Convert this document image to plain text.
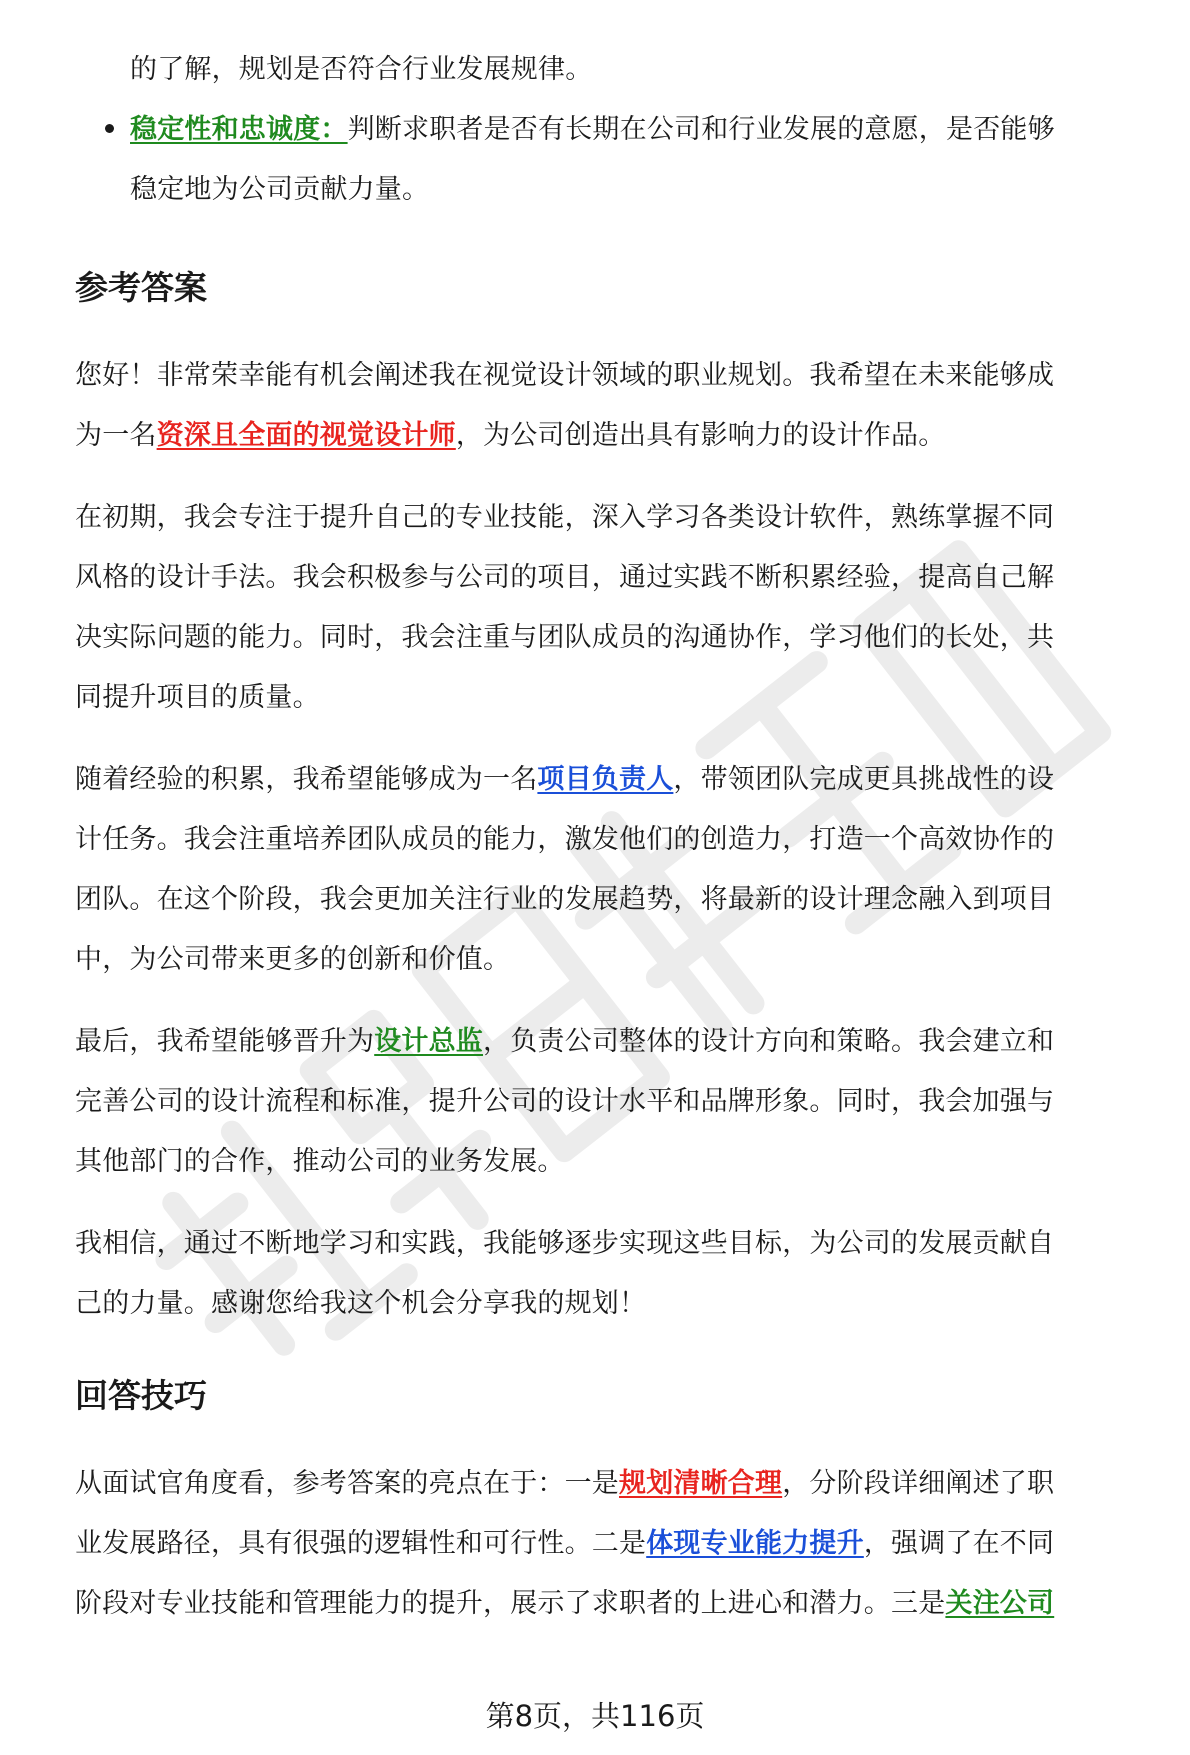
的了解，规划是否符合行业发展规律。

稳定性和忠诚度：判断求职者是否有长期在公司和行业发展的意愿，是否能够
稳定地为公司贡献力量。

参考答案

您好！非常荣幸能有机会阐述我在视觉设计领域的职业规划。我希望在未来能够成
为一名资深且全面的视觉设计师，为公司创造出具有影响力的设计作品。

在初期，我会专注于提升自己的专业技能，深入学习各类设计软件，熟练掌握不同
风格的设计手法。我会积极参与公司的项目，通过实践不断积累经验，提高自己解
决实际问题的能力。同时，我会注重与团队成员的沟通协作，学习他们的长处，共
同提升项目的质量。

随着经验的积累，我希望能够成为一名项目负责人，带领团队完成更具挑战性的设
计任务。我会注重培养团队成员的能力，激发他们的创造力，打造一个高效协作的
团队。在这个阶段，我会更加关注行业的发展趋势，将最新的设计理念融入到项目
中，为公司带来更多的创新和价值。

最后，我希望能够晋升为设计总监，负责公司整体的设计方向和策略。我会建立和
完善公司的设计流程和标准，提升公司的设计水平和品牌形象。同时，我会加强与
其他部门的合作，推动公司的业务发展。

我相信，通过不断地学习和实践，我能够逐步实现这些目标，为公司的发展贡献自
己的力量。感谢您给我这个机会分享我的规划！

回答技巧

从面试官角度看，参考答案的亮点在于：一是规划清晰合理，分阶段详细阐述了职
业发展路径，具有很强的逻辑性和可行性。二是体现专业能力提升，强调了在不同
阶段对专业技能和管理能力的提升，展示了求职者的上进心和潜力。三是关注公司

第8页，共116页
